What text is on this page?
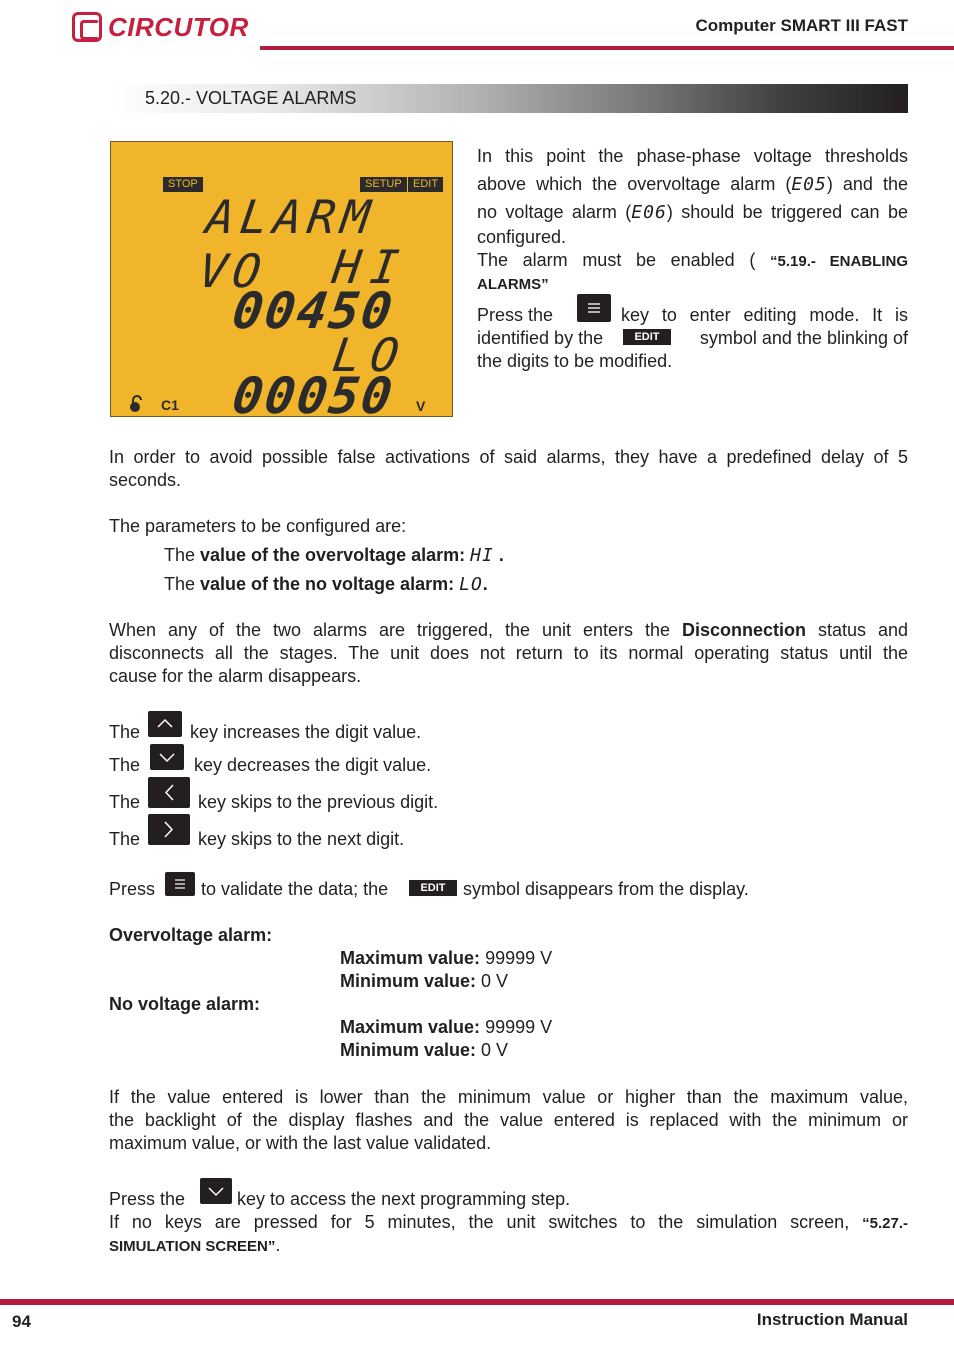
CIRCUTOR	Computer SMART III FAST
5.20.- VOLTAGE ALARMS
STOP	SETUP	EDIT
ALARM VO	HI
00450
LO
00050
C1	V
In this point the phase-phase voltage thresholds
above which the overvoltage alarm (E05) and the
no voltage alarm (E06) should be triggered can be
configured.
The alarm must be enabled ( “5.19.- ENABLING
ALARMS”
Press the	key to enter editing mode. It is
identified by the	EDIT	symbol and the blinking of
the digits to be modified.
In order to avoid possible false activations of said alarms, they have a predefined delay of 5
seconds.
The parameters to be configured are:
The value of the overvoltage alarm: HI .
The value of the no voltage alarm: LO.
When any of the two alarms are triggered, the unit enters the Disconnection status and
disconnects all the stages. The unit does not return to its normal operating status until the
cause for the alarm disappears.
The	key increases the digit value.
The	key decreases the digit value.
The	key skips to the previous digit.
The	key skips to the next digit.
Press	to validate the data; the	EDIT symbol disappears from the display.
Overvoltage alarm:
Maximum value: 99999 V
Minimum value: 0 V
No voltage alarm:
Maximum value: 99999 V
Minimum value: 0 V
If the value entered is lower than the minimum value or higher than the maximum value,
the backlight of the display flashes and the value entered is replaced with the minimum or
maximum value, or with the last value validated.
Press the	key to access the next programming step.
If no keys are pressed for 5 minutes, the unit switches to the simulation screen, “5.27.-
SIMULATION SCREEN”.
94	Instruction Manual
